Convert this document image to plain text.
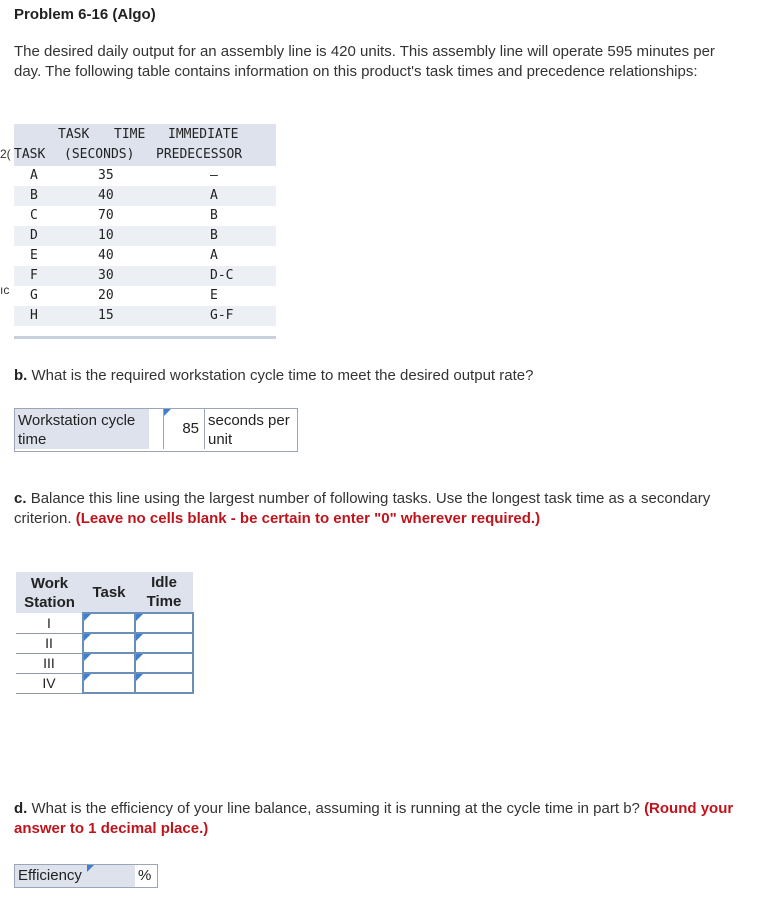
Problem 6-16 (Algo)
The desired daily output for an assembly line is 420 units. This assembly line will operate 595 minutes per day. The following table contains information on this product's task times and precedence relationships:
2(
ıc
TASK TIME IMMEDIATE
TASK (SECONDS) PREDECESSOR
A	35	—
B	40	A
C	70	B
D	10	B
E	40	A
F	30	D-C
G	20	E
H	15	G-F
b. What is the required workstation cycle time to meet the desired output rate?
Workstation cycle time
85 seconds per unit
c. Balance this line using the largest number of following tasks. Use the longest task time as a secondary criterion. (Leave no cells blank - be certain to enter "0" wherever required.)
Work Station	Task	Idle Time
I	

II	

III	

IV	

d. What is the efficiency of your line balance, assuming it is running at the cycle time in part b? (Round your answer to 1 decimal place.)
Efficiency	%
